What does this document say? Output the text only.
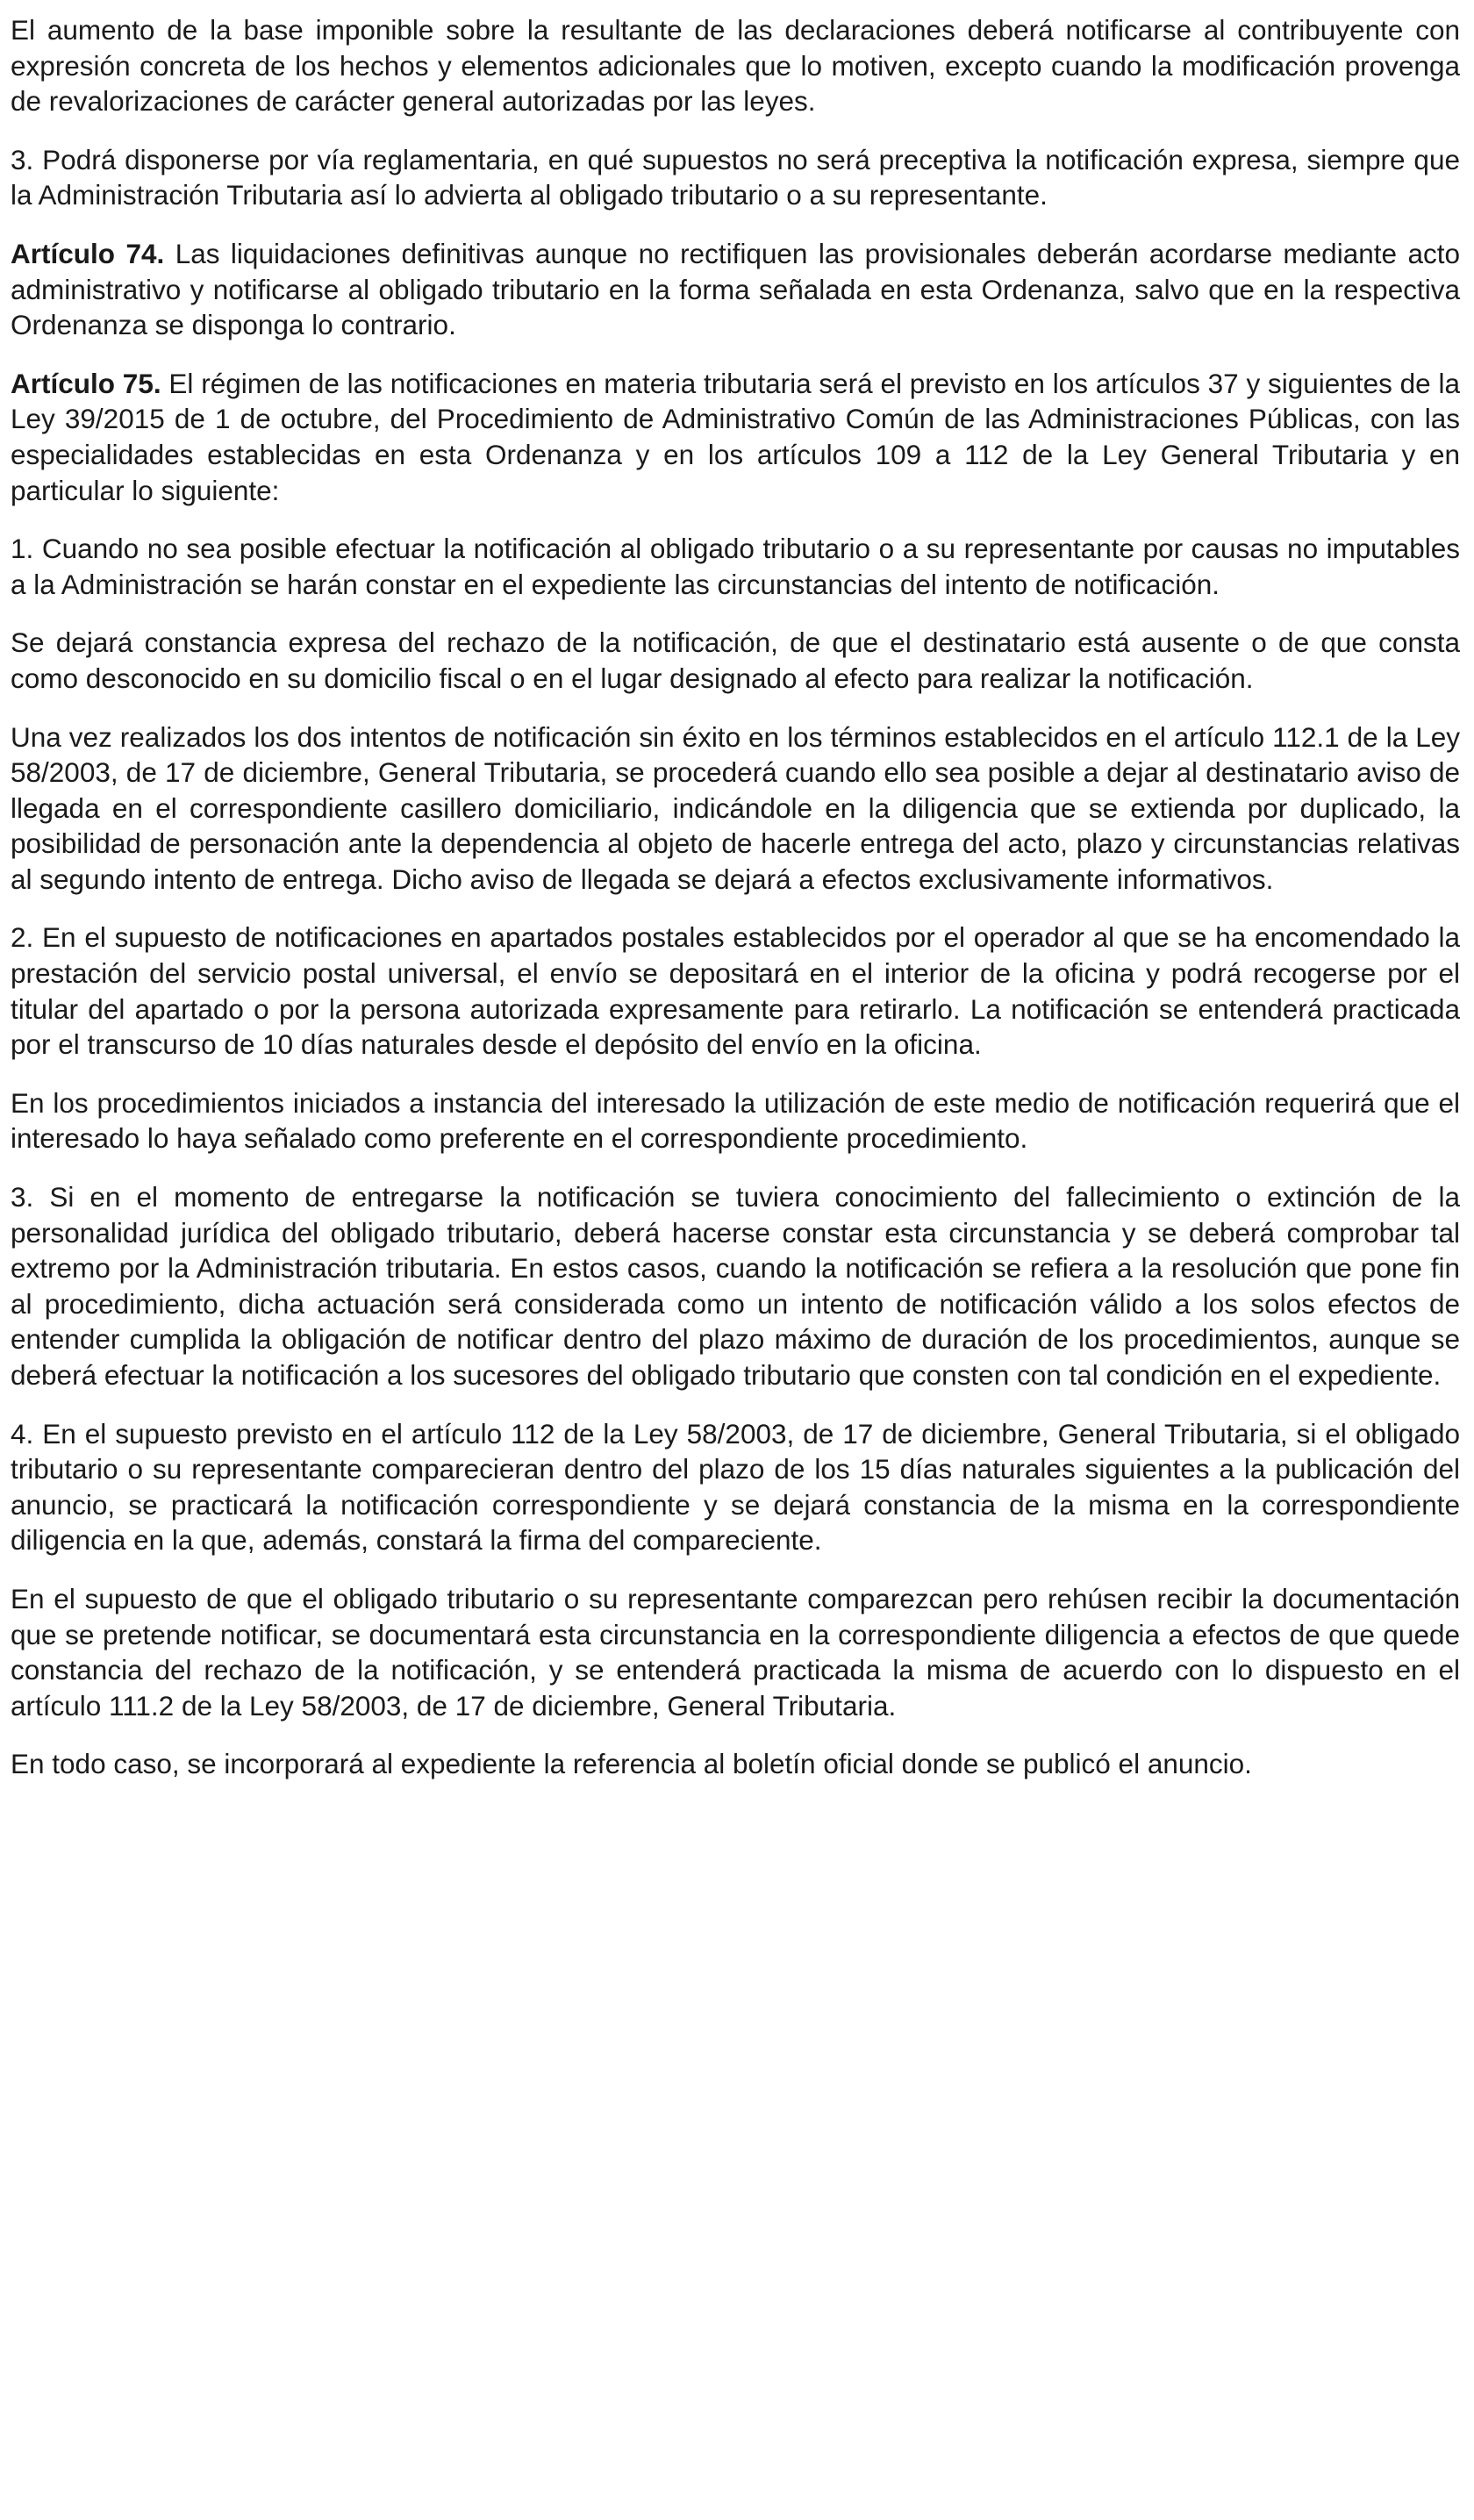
El aumento de la base imponible sobre la resultante de las declaraciones deberá notificarse al contribuyente con expresión concreta de los hechos y elementos adicionales que lo motiven, excepto cuando la modificación provenga de revalorizaciones de carácter general autorizadas por las leyes.

3. Podrá disponerse por vía reglamentaria, en qué supuestos no será preceptiva la notificación expresa, siempre que la Administración Tributaria así lo advierta al obligado tributario o a su representante.

Artículo 74. Las liquidaciones definitivas aunque no rectifiquen las provisionales deberán acordarse mediante acto administrativo y notificarse al obligado tributario en la forma señalada en esta Ordenanza, salvo que en la respectiva Ordenanza se disponga lo contrario.

Artículo 75. El régimen de las notificaciones en materia tributaria será el previsto en los artículos 37 y siguientes de la Ley 39/2015 de 1 de octubre, del Procedimiento de Administrativo Común de las Administraciones Públicas, con las especialidades establecidas en esta Ordenanza y en los artículos 109 a 112 de la Ley General Tributaria y en particular lo siguiente:

1. Cuando no sea posible efectuar la notificación al obligado tributario o a su representante por causas no imputables a la Administración se harán constar en el expediente las circunstancias del intento de notificación.

Se dejará constancia expresa del rechazo de la notificación, de que el destinatario está ausente o de que consta como desconocido en su domicilio fiscal o en el lugar designado al efecto para realizar la notificación.

Una vez realizados los dos intentos de notificación sin éxito en los términos establecidos en el artículo 112.1 de la Ley 58/2003, de 17 de diciembre, General Tributaria, se procederá cuando ello sea posible a dejar al destinatario aviso de llegada en el correspondiente casillero domiciliario, indicándole en la diligencia que se extienda por duplicado, la posibilidad de personación ante la dependencia al objeto de hacerle entrega del acto, plazo y circunstancias relativas al segundo intento de entrega. Dicho aviso de llegada se dejará a efectos exclusivamente informativos.

2. En el supuesto de notificaciones en apartados postales establecidos por el operador al que se ha encomendado la prestación del servicio postal universal, el envío se depositará en el interior de la oficina y podrá recogerse por el titular del apartado o por la persona autorizada expresamente para retirarlo. La notificación se entenderá practicada por el transcurso de 10 días naturales desde el depósito del envío en la oficina.

En los procedimientos iniciados a instancia del interesado la utilización de este medio de notificación requerirá que el interesado lo haya señalado como preferente en el correspondiente procedimiento.

3. Si en el momento de entregarse la notificación se tuviera conocimiento del fallecimiento o extinción de la personalidad jurídica del obligado tributario, deberá hacerse constar esta circunstancia y se deberá comprobar tal extremo por la Administración tributaria. En estos casos, cuando la notificación se refiera a la resolución que pone fin al procedimiento, dicha actuación será considerada como un intento de notificación válido a los solos efectos de entender cumplida la obligación de notificar dentro del plazo máximo de duración de los procedimientos, aunque se deberá efectuar la notificación a los sucesores del obligado tributario que consten con tal condición en el expediente.

4. En el supuesto previsto en el artículo 112 de la Ley 58/2003, de 17 de diciembre, General Tributaria, si el obligado tributario o su representante comparecieran dentro del plazo de los 15 días naturales siguientes a la publicación del anuncio, se practicará la notificación correspondiente y se dejará constancia de la misma en la correspondiente diligencia en la que, además, constará la firma del compareciente.

En el supuesto de que el obligado tributario o su representante comparezcan pero rehúsen recibir la documentación que se pretende notificar, se documentará esta circunstancia en la correspondiente diligencia a efectos de que quede constancia del rechazo de la notificación, y se entenderá practicada la misma de acuerdo con lo dispuesto en el artículo 111.2 de la Ley 58/2003, de 17 de diciembre, General Tributaria.

En todo caso, se incorporará al expediente la referencia al boletín oficial donde se publicó el anuncio.
